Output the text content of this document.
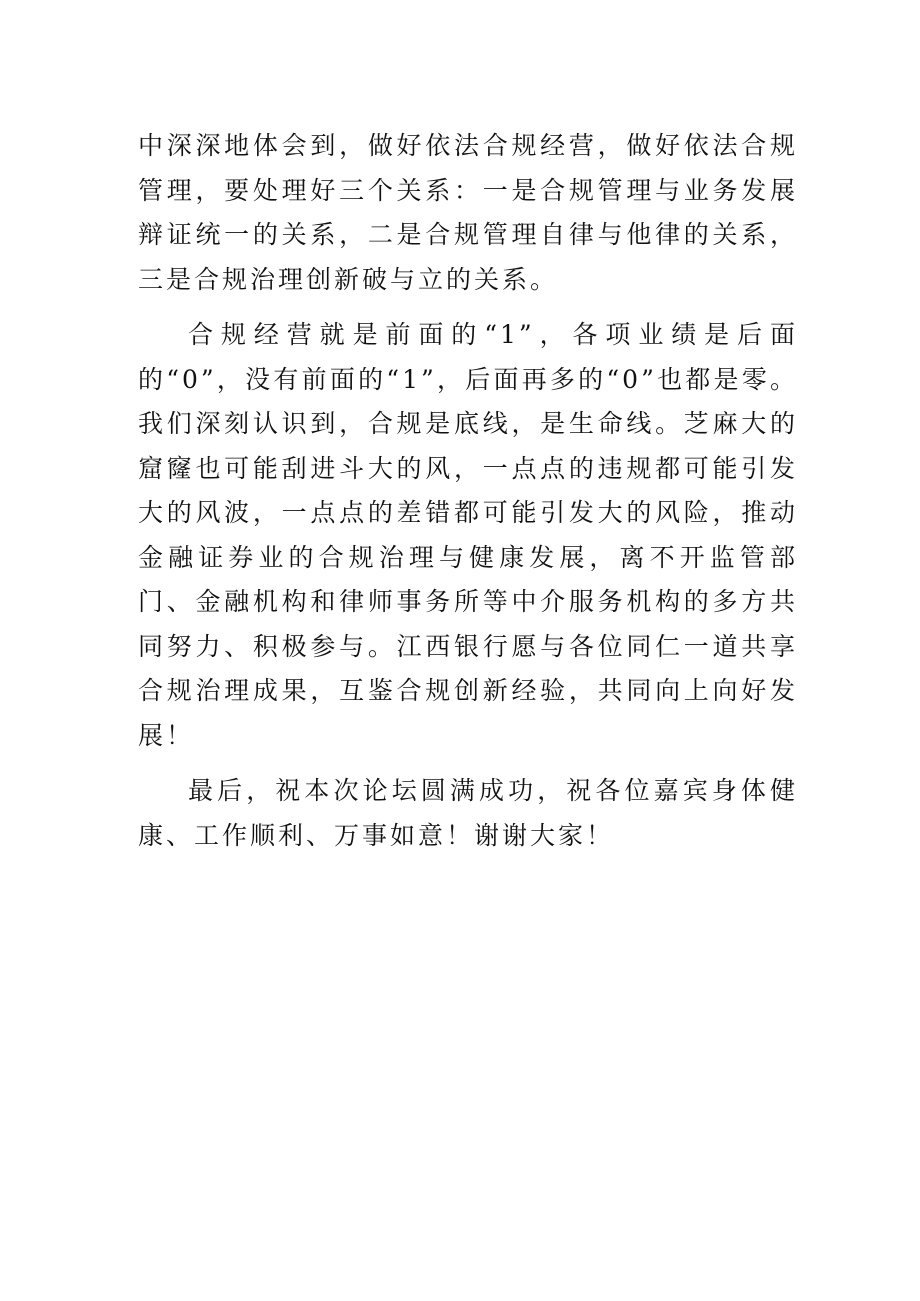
中深深地体会到，做好依法合规经营，做好依法合规管理，要处理好三个关系：一是合规管理与业务发展辩证统一的关系，二是合规管理自律与他律的关系，三是合规治理创新破与立的关系。

合规经营就是前面的“1”，各项业绩是后面的“0”，没有前面的“1”，后面再多的“0”也都是零。我们深刻认识到，合规是底线，是生命线。芝麻大的窟窿也可能刮进斗大的风，一点点的违规都可能引发大的风波，一点点的差错都可能引发大的风险，推动金融证券业的合规治理与健康发展，离不开监管部门、金融机构和律师事务所等中介服务机构的多方共同努力、积极参与。江西银行愿与各位同仁一道共享合规治理成果，互鉴合规创新经验，共同向上向好发展！

最后，祝本次论坛圆满成功，祝各位嘉宾身体健康、工作顺利、万事如意！谢谢大家！
